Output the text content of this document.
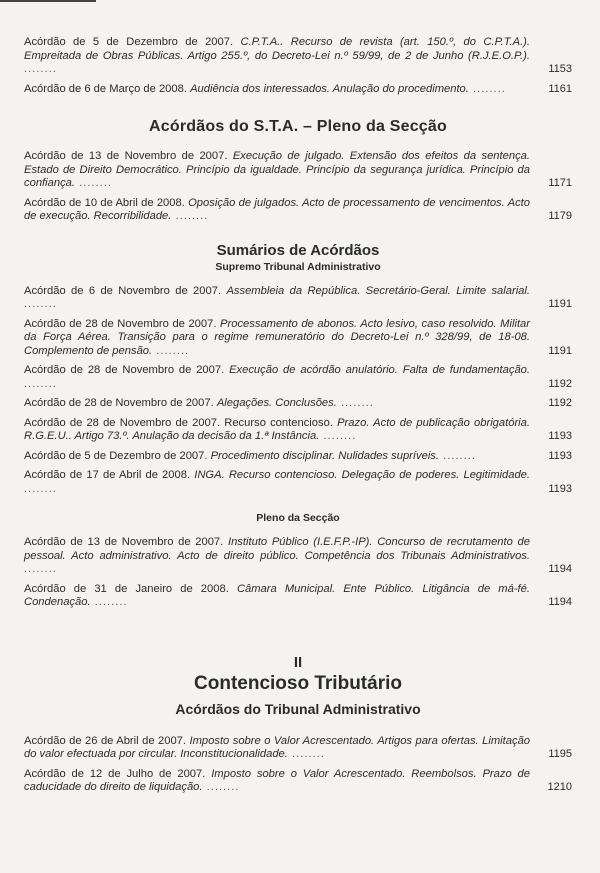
Acórdão de 5 de Dezembro de 2007. C.P.T.A.. Recurso de revista (art. 150.º, do C.P.T.A.). Empreitada de Obras Públicas. Artigo 255.º, do Decreto-Lei n.º 59/99, de 2 de Junho (R.J.E.O.P.). ........	1153
Acórdão de 6 de Março de 2008. Audiência dos interessados. Anulação do procedimento. ........	1161
Acórdãos do S.T.A. – Pleno da Secção
Acórdão de 13 de Novembro de 2007. Execução de julgado. Extensão dos efeitos da sentença. Estado de Direito Democrático. Princípio da igualdade. Princípio da segurança jurídica. Princípio da confiança. ........	1171
Acórdão de 10 de Abril de 2008. Oposição de julgados. Acto de processamento de vencimentos. Acto de execução. Recorribilidade. ........	1179
Sumários de Acórdãos
Supremo Tribunal Administrativo
Acórdão de 6 de Novembro de 2007. Assembleia da República. Secretário-Geral. Limite salarial. ........	1191
Acórdão de 28 de Novembro de 2007. Processamento de abonos. Acto lesivo, caso resolvido. Militar da Força Aérea. Transição para o regime remuneratório do Decreto-Lei n.º 328/99, de 18-08. Complemento de pensão. ........	1191
Acórdão de 28 de Novembro de 2007. Execução de acórdão anulatório. Falta de fundamentação. ........	1192
Acórdão de 28 de Novembro de 2007. Alegações. Conclusões. ........	1192
Acórdão de 28 de Novembro de 2007. Recurso contencioso. Prazo. Acto de publicação obrigatória. R.G.E.U.. Artigo 73.º. Anulação da decisão da 1.ª Instância. ........	1193
Acórdão de 5 de Dezembro de 2007. Procedimento disciplinar. Nulidades supríveis. ........	1193
Acórdão de 17 de Abril de 2008. INGA. Recurso contencioso. Delegação de poderes. Legitimidade. ........	1193
Pleno da Secção
Acórdão de 13 de Novembro de 2007. Instituto Público (I.E.F.P.-IP). Concurso de recrutamento de pessoal. Acto administrativo. Acto de direito público. Competência dos Tribunais Administrativos. ........	1194
Acórdão de 31 de Janeiro de 2008. Câmara Municipal. Ente Público. Litigância de má-fé. Condenação. ........	1194
II
Contencioso Tributário
Acórdãos do Tribunal Administrativo
Acórdão de 26 de Abril de 2007. Imposto sobre o Valor Acrescentado. Artigos para ofertas. Limitação do valor efectuada por circular. Inconstitucionalidade. ........	1195
Acórdão de 12 de Julho de 2007. Imposto sobre o Valor Acrescentado. Reembolsos. Prazo de caducidade do direito de liquidação. ........	1210
